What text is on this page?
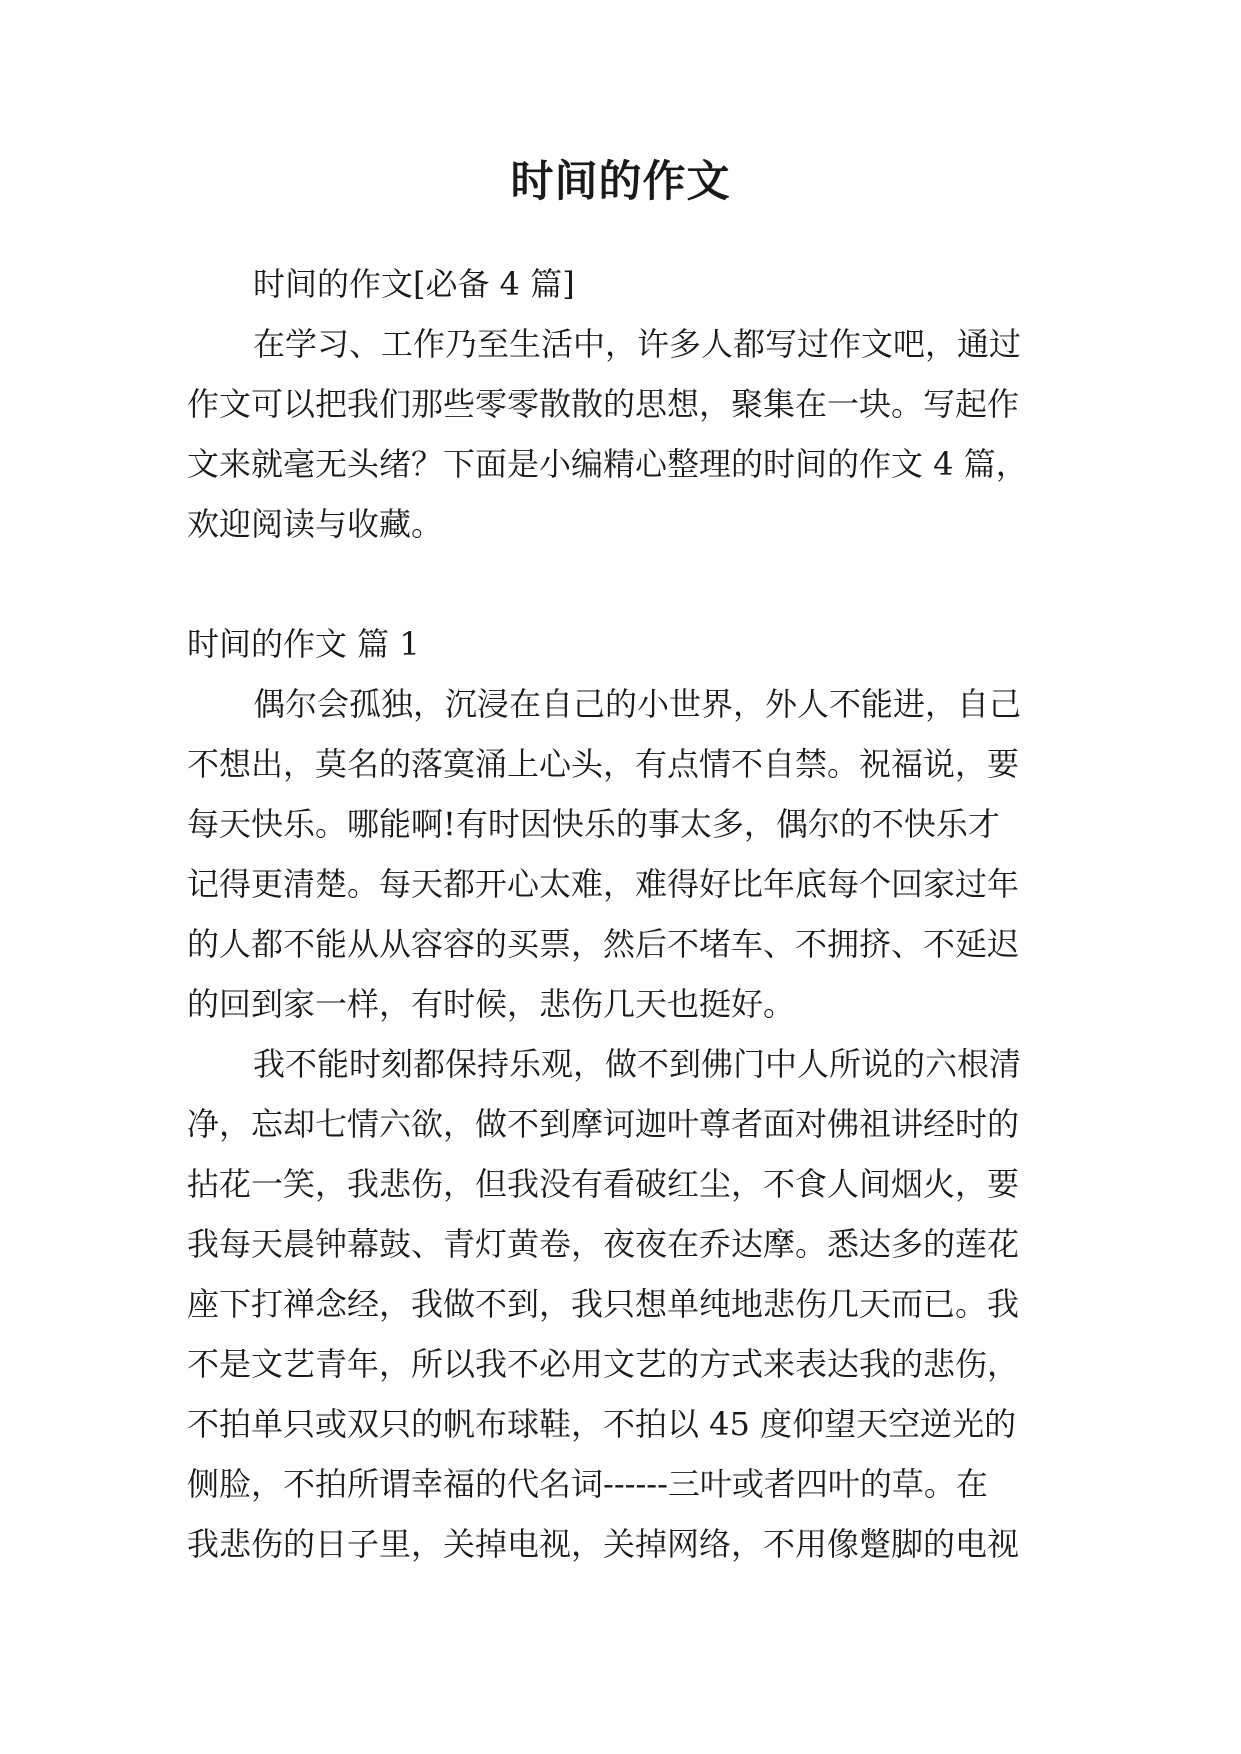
时间的作文

时间的作文[必备 4 篇]

在学习、工作乃至生活中，许多人都写过作文吧，通过

作文可以把我们那些零零散散的思想，聚集在一块。写起作

文来就毫无头绪？下面是小编精心整理的时间的作文 4 篇，

欢迎阅读与收藏。

时间的作文 篇 1

偶尔会孤独，沉浸在自己的小世界，外人不能进，自己

不想出，莫名的落寞涌上心头，有点情不自禁。祝福说，要

每天快乐。哪能啊!有时因快乐的事太多，偶尔的不快乐才

记得更清楚。每天都开心太难，难得好比年底每个回家过年

的人都不能从从容容的买票，然后不堵车、不拥挤、不延迟

的回到家一样，有时候，悲伤几天也挺好。

我不能时刻都保持乐观，做不到佛门中人所说的六根清

净，忘却七情六欲，做不到摩诃迦叶尊者面对佛祖讲经时的

拈花一笑，我悲伤，但我没有看破红尘，不食人间烟火，要

我每天晨钟幕鼓、青灯黄卷，夜夜在乔达摩。悉达多的莲花

座下打禅念经，我做不到，我只想单纯地悲伤几天而已。我

不是文艺青年，所以我不必用文艺的方式来表达我的悲伤，

不拍单只或双只的帆布球鞋，不拍以 45 度仰望天空逆光的

侧脸，不拍所谓幸福的代名词------三叶或者四叶的草。在

我悲伤的日子里，关掉电视，关掉网络，不用像蹩脚的电视
